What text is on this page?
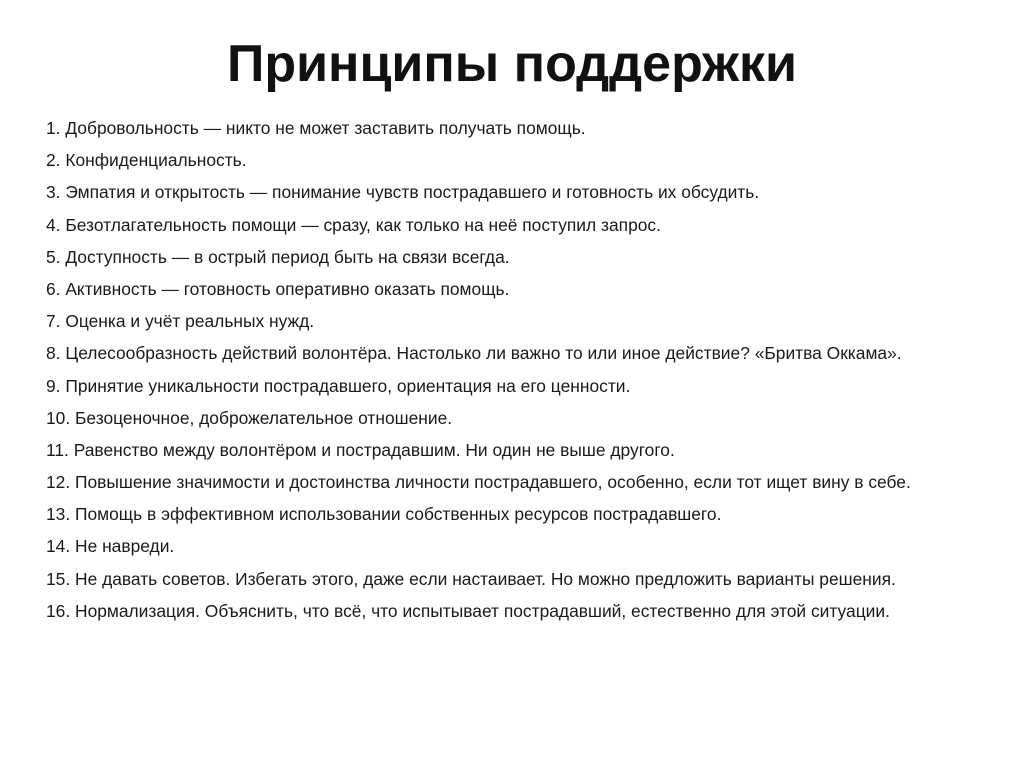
Принципы поддержки
1. Добровольность — никто не может заставить получать помощь.
2. Конфиденциальность.
3. Эмпатия и открытость — понимание чувств пострадавшего и готовность их обсудить.
4. Безотлагательность помощи — сразу, как только на неё поступил запрос.
5. Доступность — в острый период быть на связи всегда.
6. Активность — готовность оперативно оказать помощь.
7. Оценка и учёт реальных нужд.
8. Целесообразность действий волонтёра. Настолько ли важно то или иное действие? «Бритва Оккама».
9. Принятие уникальности пострадавшего, ориентация на его ценности.
10. Безоценочное, доброжелательное отношение.
11. Равенство между волонтёром и пострадавшим. Ни один не выше другого.
12. Повышение значимости и достоинства личности пострадавшего, особенно, если тот ищет вину в себе.
13. Помощь в эффективном использовании собственных ресурсов пострадавшего.
14. Не навреди.
15. Не давать советов. Избегать этого, даже если настаивает. Но можно предложить варианты решения.
16. Нормализация. Объяснить, что всё, что испытывает пострадавший, естественно для этой ситуации.
